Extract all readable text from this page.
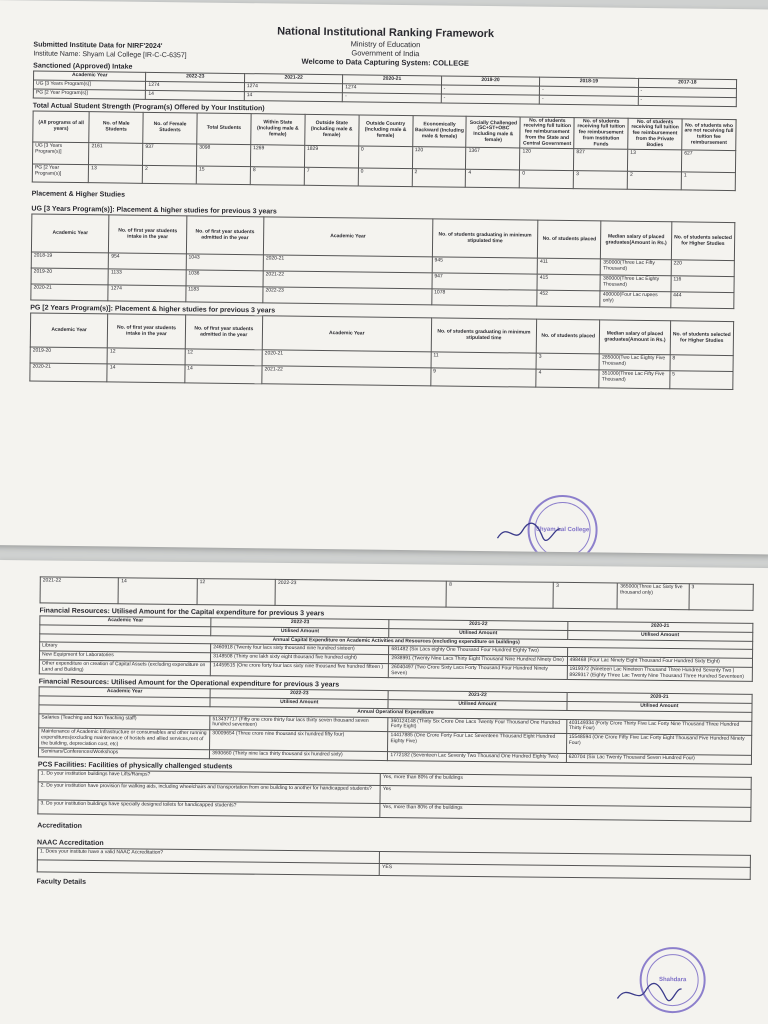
National Institutional Ranking Framework
Ministry of Education
Government of India
Welcome to Data Capturing System: COLLEGE
Submitted Institute Data for NIRF'2024'
Institute Name: Shyam Lal College [IR-C-C-6357]
Sanctioned (Approved) Intake
Academic Year	2022-23	2021-22	2020-21	2019-20	2018-19	2017-18
UG [3 Years Program(s)]	1274	1274	1274	-	-	-
PG [2 Year Program(s)]	14	14	-	-	-	-
Total Actual Student Strength (Program(s) Offered by Your Institution)
(All programs of all years)	No. of Male Students	No. of Female Students	Total Students	Within State (Including male & female)	Outside State (Including male & female)	Outside Country (Including male & female)	Economically Backward (Including male & female)	Socially Challenged (SC+ST+OBC Including male & female)	No. of students receiving full tuition fee reimbursement from the State and Central Government	No. of students receiving full tuition fee reimbursement from Institution Funds	No. of students receiving full tuition fee reimbursement from the Private Bodies	No. of students who are not receiving full tuition fee reimbursement
UG [3 Years Program(s)]	2161	937	3098	1269	1829	0	120	1367	120	827	13	627
PG [2 Year Program(s)]	13	2	15	8	7	0	2	4	0	3	2	1
Placement & Higher Studies
UG [3 Years Program(s)]: Placement & higher studies for previous 3 years
Academic Year	No. of first year students intake in the year	No. of first year students admitted in the year	Academic Year	No. of students graduating in minimum stipulated time	No. of students placed	Median salary of placed graduates(Amount in Rs.)	No. of students selected for Higher Studies
2018-19	954	1043	2020-21	945	411	350000(Three Lac Fifty Thousand)	220
2019-20	1133	1036	2021-22	947	415	380000(Three Lac Eighty Thousand)	116
2020-21	1274	1183	2022-23	1078	452	400000(Four Lac rupees only)	444
PG [2 Years Program(s)]: Placement & higher studies for previous 3 years
Academic Year	No. of first year students intake in the year	No. of first year students admitted in the year	Academic Year	No. of students graduating in minimum stipulated time	No. of students placed	Median salary of placed graduates(Amount in Rs.)	No. of students selected for Higher Studies
2019-20	12	12	2020-21	11	3	285000(Two Lac Eighty Five Thousand)	8
2020-21	14	14	2021-22	9	4	351000(Three Lac Fifty Five Thousand)	5
Shyam Lal College
2021-22	14	12	2022-23	8	3	365000(Three Lac Sixty five thousand only)	3
Financial Resources: Utilised Amount for the Capital expenditure for previous 3 years
Academic Year	2022-23	2021-22	2020-21
	Utilised Amount	Utilised Amount	Utilised Amount
Annual Capital Expenditure on Academic Activities and Resources (excluding expenditure on buildings)			
Library	2460918 (Twenty four lacs sixty thousand nine hundred sixteen)	681482 (Six Lacs eighty One Thousand Four Hundred Eighty Two)	
New Equipment for Laboratories	3148508 (Thirty one lakh sixty eight thousand five hundred eight)	2938991 (Twenty Nine Lacs Thirty Eight Thousand Nine Hundred Ninety One)	498468 (Four Lac Ninety Eight Thousand Four Hundred Sixty Eight)
Other expenditure on creation of Capital Assets (excluding expenditure on Land and Building)	14459515 (One crore forty four lacs sixty nine thousand five hundred fifteen )	26040497 (Two Crore Sixty Lacs Forty Thousand Four Hundred Ninety Seven)	1919372 (Nineteen Lac Nineteen Thousand Three Hundred Seventy Two ) 8929317 (Eighty Three Lac Twenty Nine Thousand Three Hundred Seventeen)
Financial Resources: Utilised Amount for the Operational expenditure for previous 3 years
Academic Year	2022-23	2021-22	2020-21
	Utilised Amount	Utilised Amount	Utilised Amount
Annual Operational Expenditure			
Salaries (Teaching and Non Teaching staff)	513437717 (Fifty one crore thirty four lacs thirty seven thousand seven hundred seventeen)	360124148 (Thirty Six Crore One Lacs Twenty Four Thousand One Hundred Forty Eight)	403149334 (Forty Crore Thirty Five Lac Forty Nine Thousand Three Hundred Thirty Four)
Maintenance of Academic Infrastructure or consumables and other running expenditures(excluding maintenance of hostels and allied services,rent of the building, depreciation cost, etc)	30009654 (Three crore nine thousand six hundred fifty four)	14417885 (One Crore Forty Four Lac Seventeen Thousand Eight Hundred Eighty Five)	15548594 (One Crore Fifty Five Lac Forty Eight Thousand Five Hundred Ninety Four)
Seminars/Conferences/Workshops	3930660 (Thirty nine lacs thirty thousand six hundred sixty)	1772182 (Seventeen Lac Seventy Two Thousand One Hundred Eighty Two)	620704 (Six Lac Twenty Thousand Seven Hundred Four)
PCS Facilities: Facilities of physically challenged students
1. Do your institution buildings have Lifts/Ramps?	Yes, more than 80% of the buildings
2. Do your institution have provision for walking aids, including wheelchairs and transportation from one building to another for handicapped students?	Yes
3. Do your institution buildings have specially designed toilets for handicapped students?	Yes, more than 80% of the buildings
Accreditation
NAAC Accreditation
1. Does your institute have a valid NAAC Accreditation?	
	YES
Faculty Details
Shahdara
